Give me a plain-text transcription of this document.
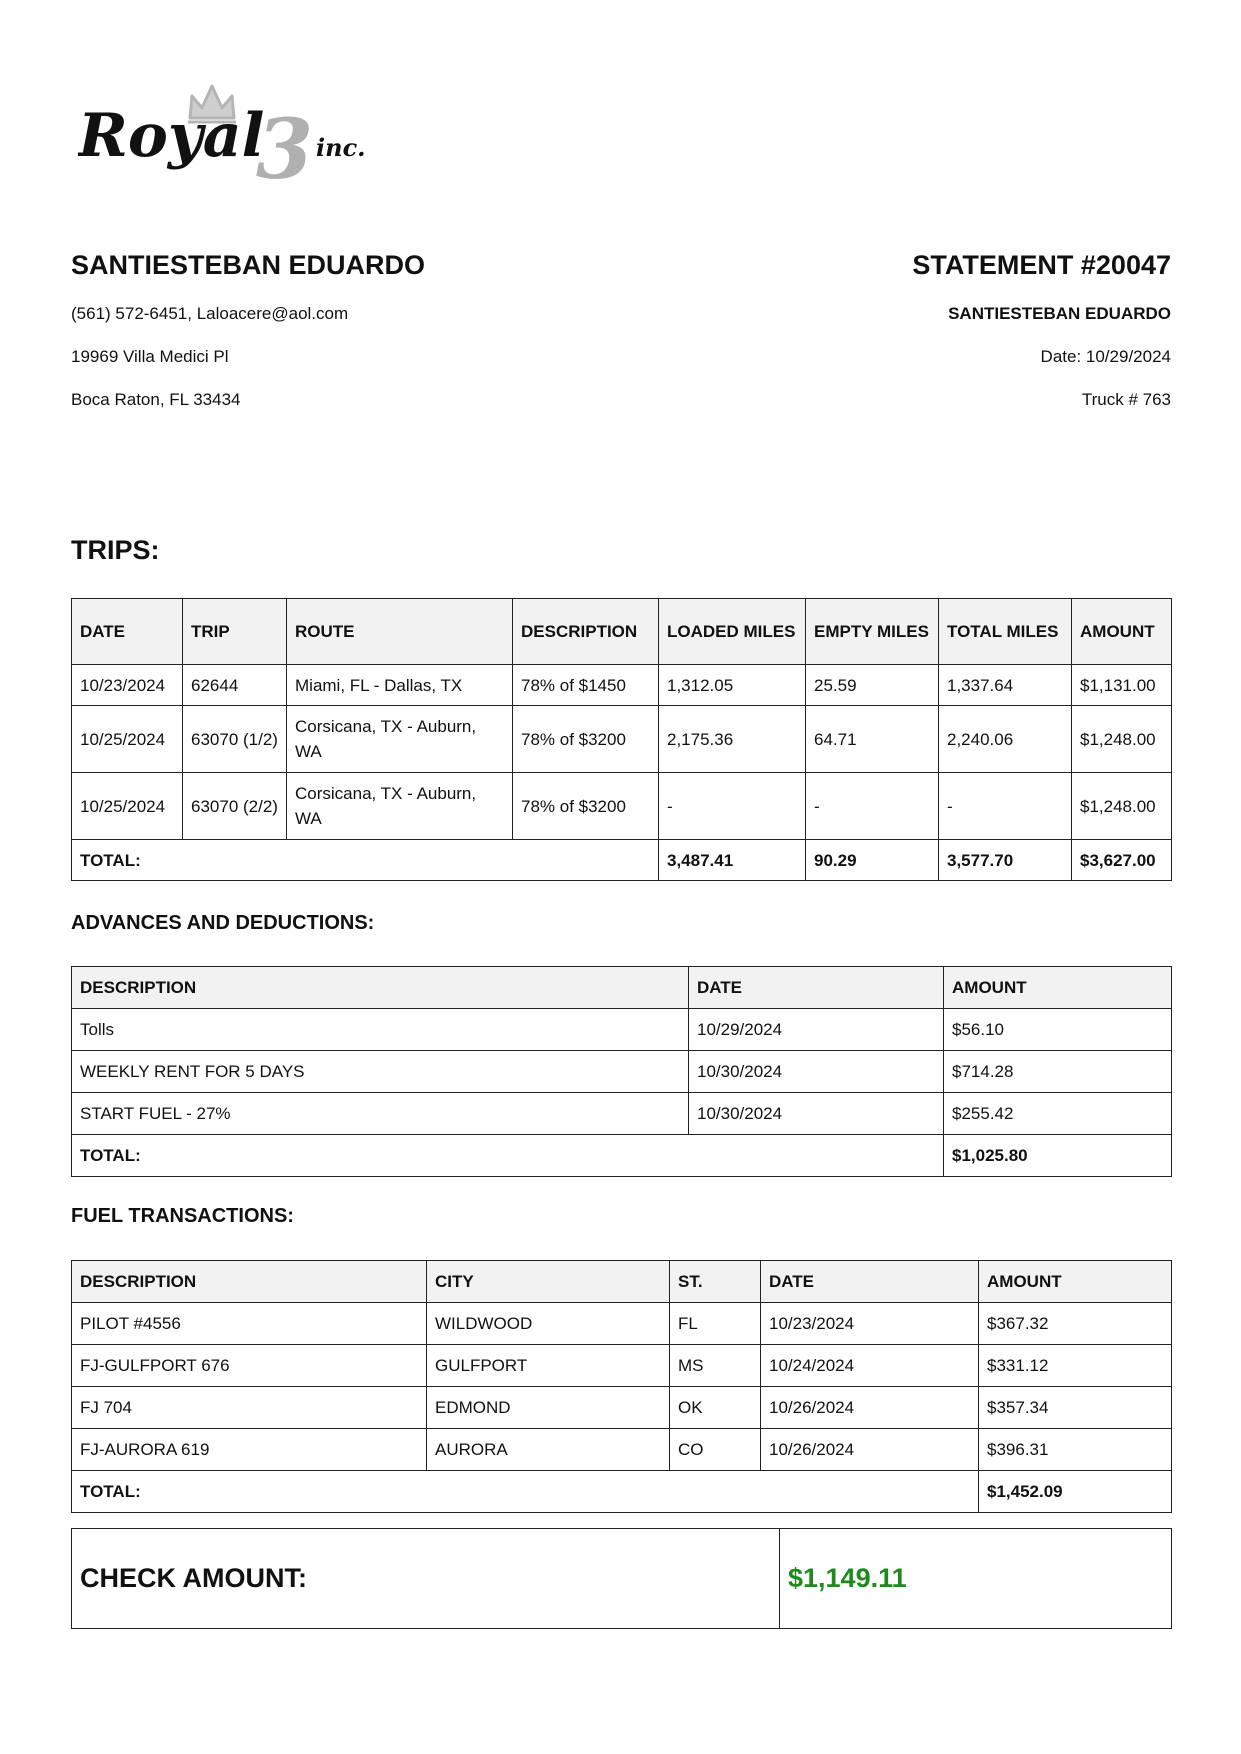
Royal
3 inc.

SANTIESTEBAN EDUARDO

(561) 572-6451, Laloacere@aol.com

19969 Villa Medici Pl

Boca Raton, FL 33434

STATEMENT #20047

SANTIESTEBAN EDUARDO

Date: 10/29/2024

Truck # 763

TRIPS:

DATE	TRIP	ROUTE	DESCRIPTION	LOADED MILES	EMPTY MILES	TOTAL MILES	AMOUNT
10/23/2024	62644	Miami, FL - Dallas, TX	78% of $1450	1,312.05	25.59	1,337.64	$1,131.00
10/25/2024	63070 (1/2)	Corsicana, TX - Auburn, WA	78% of $3200	2,175.36	64.71	2,240.06	$1,248.00
10/25/2024	63070 (2/2)	Corsicana, TX - Auburn, WA	78% of $3200	-	-	-	$1,248.00
TOTAL:				3,487.41	90.29	3,577.70	$3,627.00

ADVANCES AND DEDUCTIONS:

DESCRIPTION	DATE	AMOUNT
Tolls	10/29/2024	$56.10
WEEKLY RENT FOR 5 DAYS	10/30/2024	$714.28
START FUEL - 27%	10/30/2024	$255.42
TOTAL:		$1,025.80

FUEL TRANSACTIONS:

DESCRIPTION	CITY	ST.	DATE	AMOUNT
PILOT #4556	WILDWOOD	FL	10/23/2024	$367.32
FJ-GULFPORT 676	GULFPORT	MS	10/24/2024	$331.12
FJ 704	EDMOND	OK	10/26/2024	$357.34
FJ-AURORA 619	AURORA	CO	10/26/2024	$396.31
TOTAL:				$1,452.09
CHECK AMOUNT:	$1,149.11
